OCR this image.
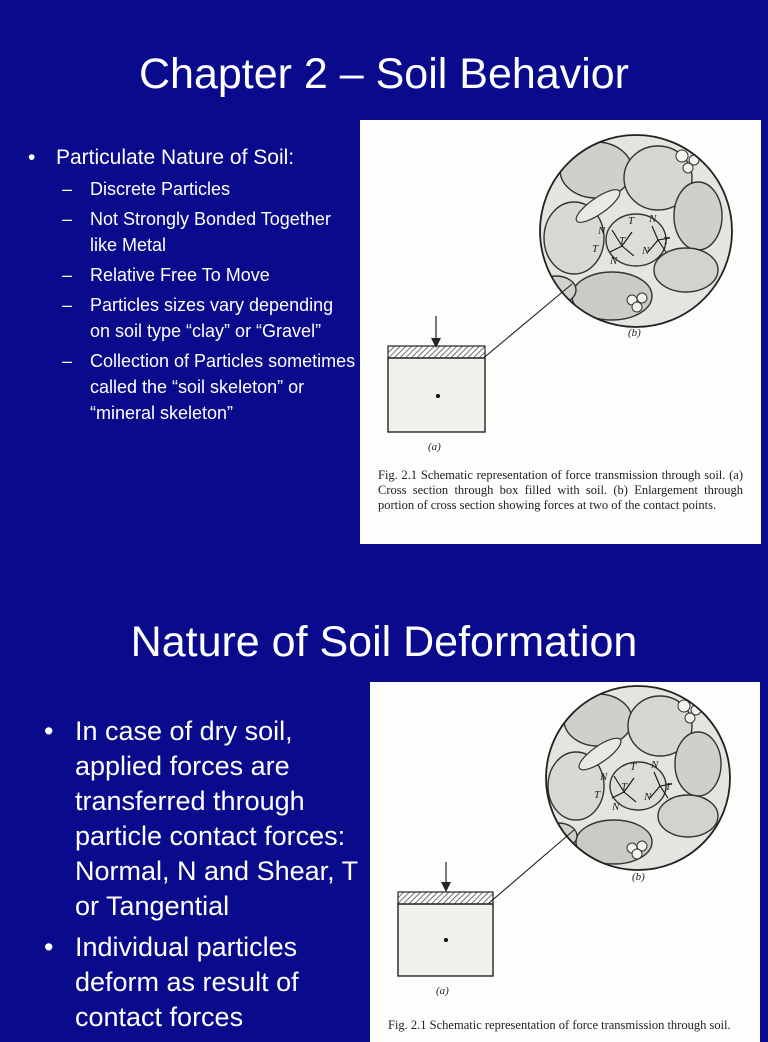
Chapter 2 – Soil Behavior
• Particulate Nature of Soil:
– Discrete Particles
– Not Strongly Bonded Together like Metal
– Relative Free To Move
– Particles sizes vary depending on soil type “clay” or “Gravel”
– Collection of Particles sometimes called the “soil skeleton” or “mineral skeleton”
N
T
T
N
T N
N
T
(b)
(a)
Fig. 2.1 Schematic representation of force transmission through soil. (a) Cross section through box filled with soil. (b) Enlargement through portion of cross section showing forces at two of the contact points.
Nature of Soil Deformation
• In case of dry soil, applied forces are transferred through particle contact forces: Normal, N and Shear, T or Tangential
• Individual particles deform as result of contact forces
N
T
T
N
T N
N
T
(b)
(a)
Fig. 2.1 Schematic representation of force transmission through soil.
